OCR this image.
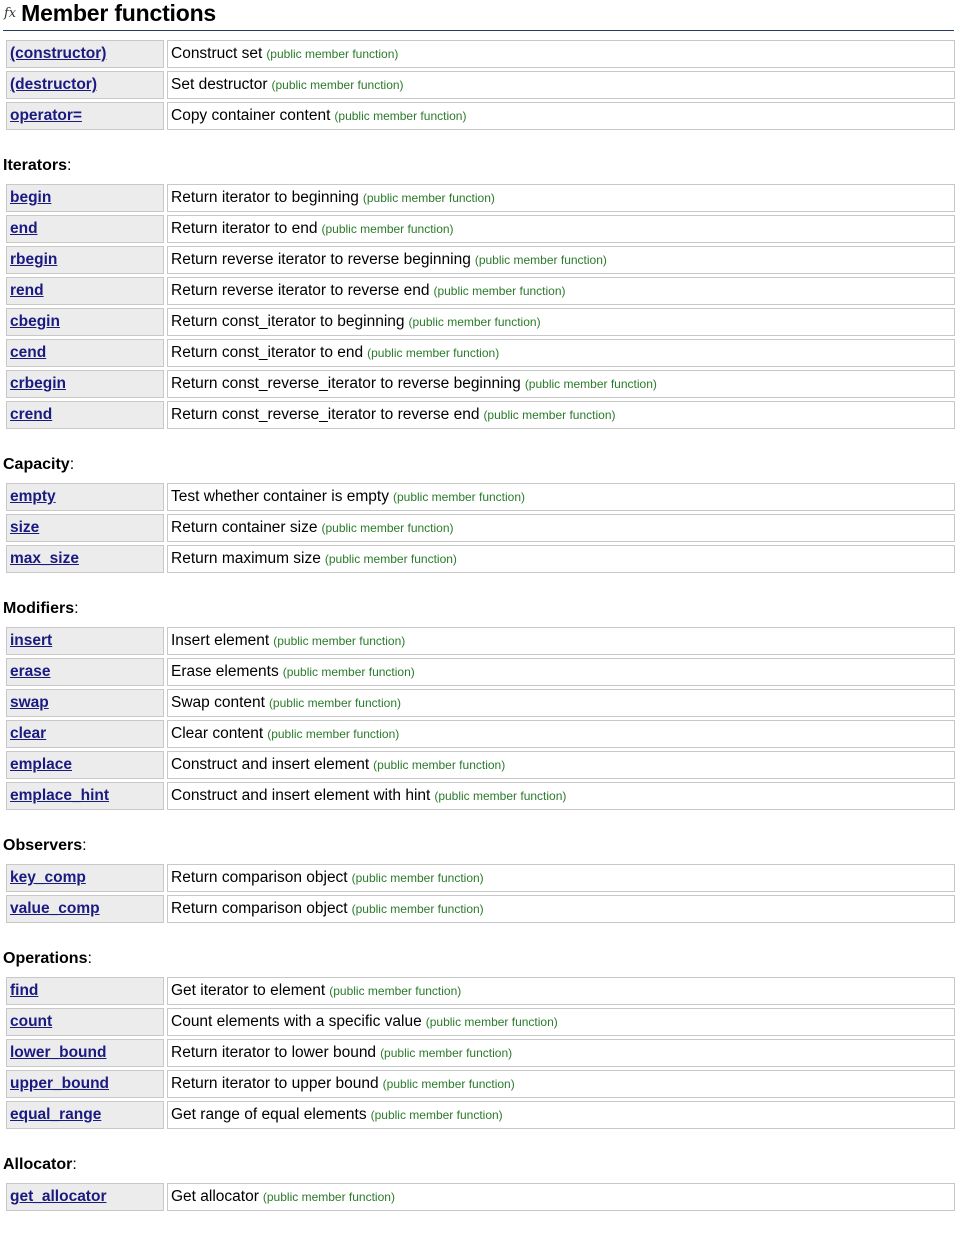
𝑓x Member functions
(constructor)	Construct set (public member function)
(destructor)	Set destructor (public member function)
operator=	Copy container content (public member function)
Iterators:
begin	Return iterator to beginning (public member function)
end	Return iterator to end (public member function)
rbegin	Return reverse iterator to reverse beginning (public member function)
rend	Return reverse iterator to reverse end (public member function)
cbegin	Return const_iterator to beginning (public member function)
cend	Return const_iterator to end (public member function)
crbegin	Return const_reverse_iterator to reverse beginning (public member function)
crend	Return const_reverse_iterator to reverse end (public member function)
Capacity:
empty	Test whether container is empty (public member function)
size	Return container size (public member function)
max_size	Return maximum size (public member function)
Modifiers:
insert	Insert element (public member function)
erase	Erase elements (public member function)
swap	Swap content (public member function)
clear	Clear content (public member function)
emplace	Construct and insert element (public member function)
emplace_hint	Construct and insert element with hint (public member function)
Observers:
key_comp	Return comparison object (public member function)
value_comp	Return comparison object (public member function)
Operations:
find	Get iterator to element (public member function)
count	Count elements with a specific value (public member function)
lower_bound	Return iterator to lower bound (public member function)
upper_bound	Return iterator to upper bound (public member function)
equal_range	Get range of equal elements (public member function)
Allocator:
get_allocator	Get allocator (public member function)
